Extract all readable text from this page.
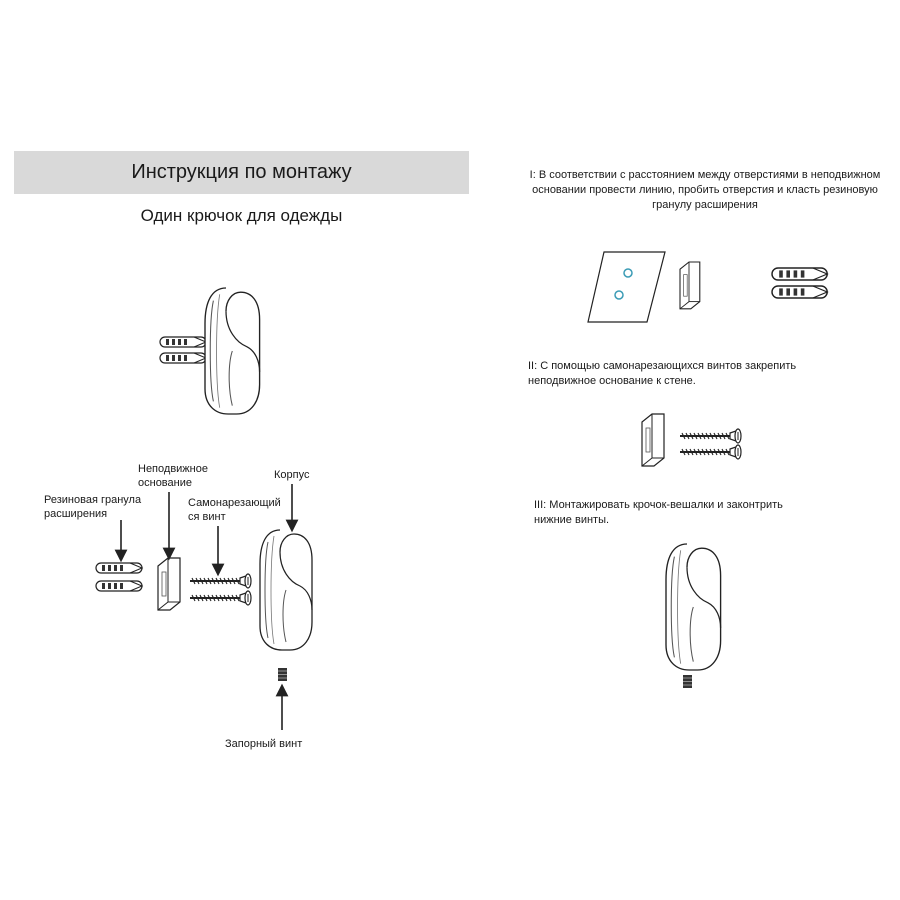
Инструкция по монтажу
Один крючок для одежды
Неподвижное
основание
Корпус
Резиновая гранула
расширения
Самонарезающий
ся винт
Запорный винт
I: В соответствии с расстоянием между отверстиями в неподвижном
основании провести линию, пробить отверстия и класть резиновую
гранулу расширения
II: С помощью самонарезающихся винтов закрепить
неподвижное основание к стене.
III: Монтажировать крочок-вешалки и законтрить
нижние винты.
